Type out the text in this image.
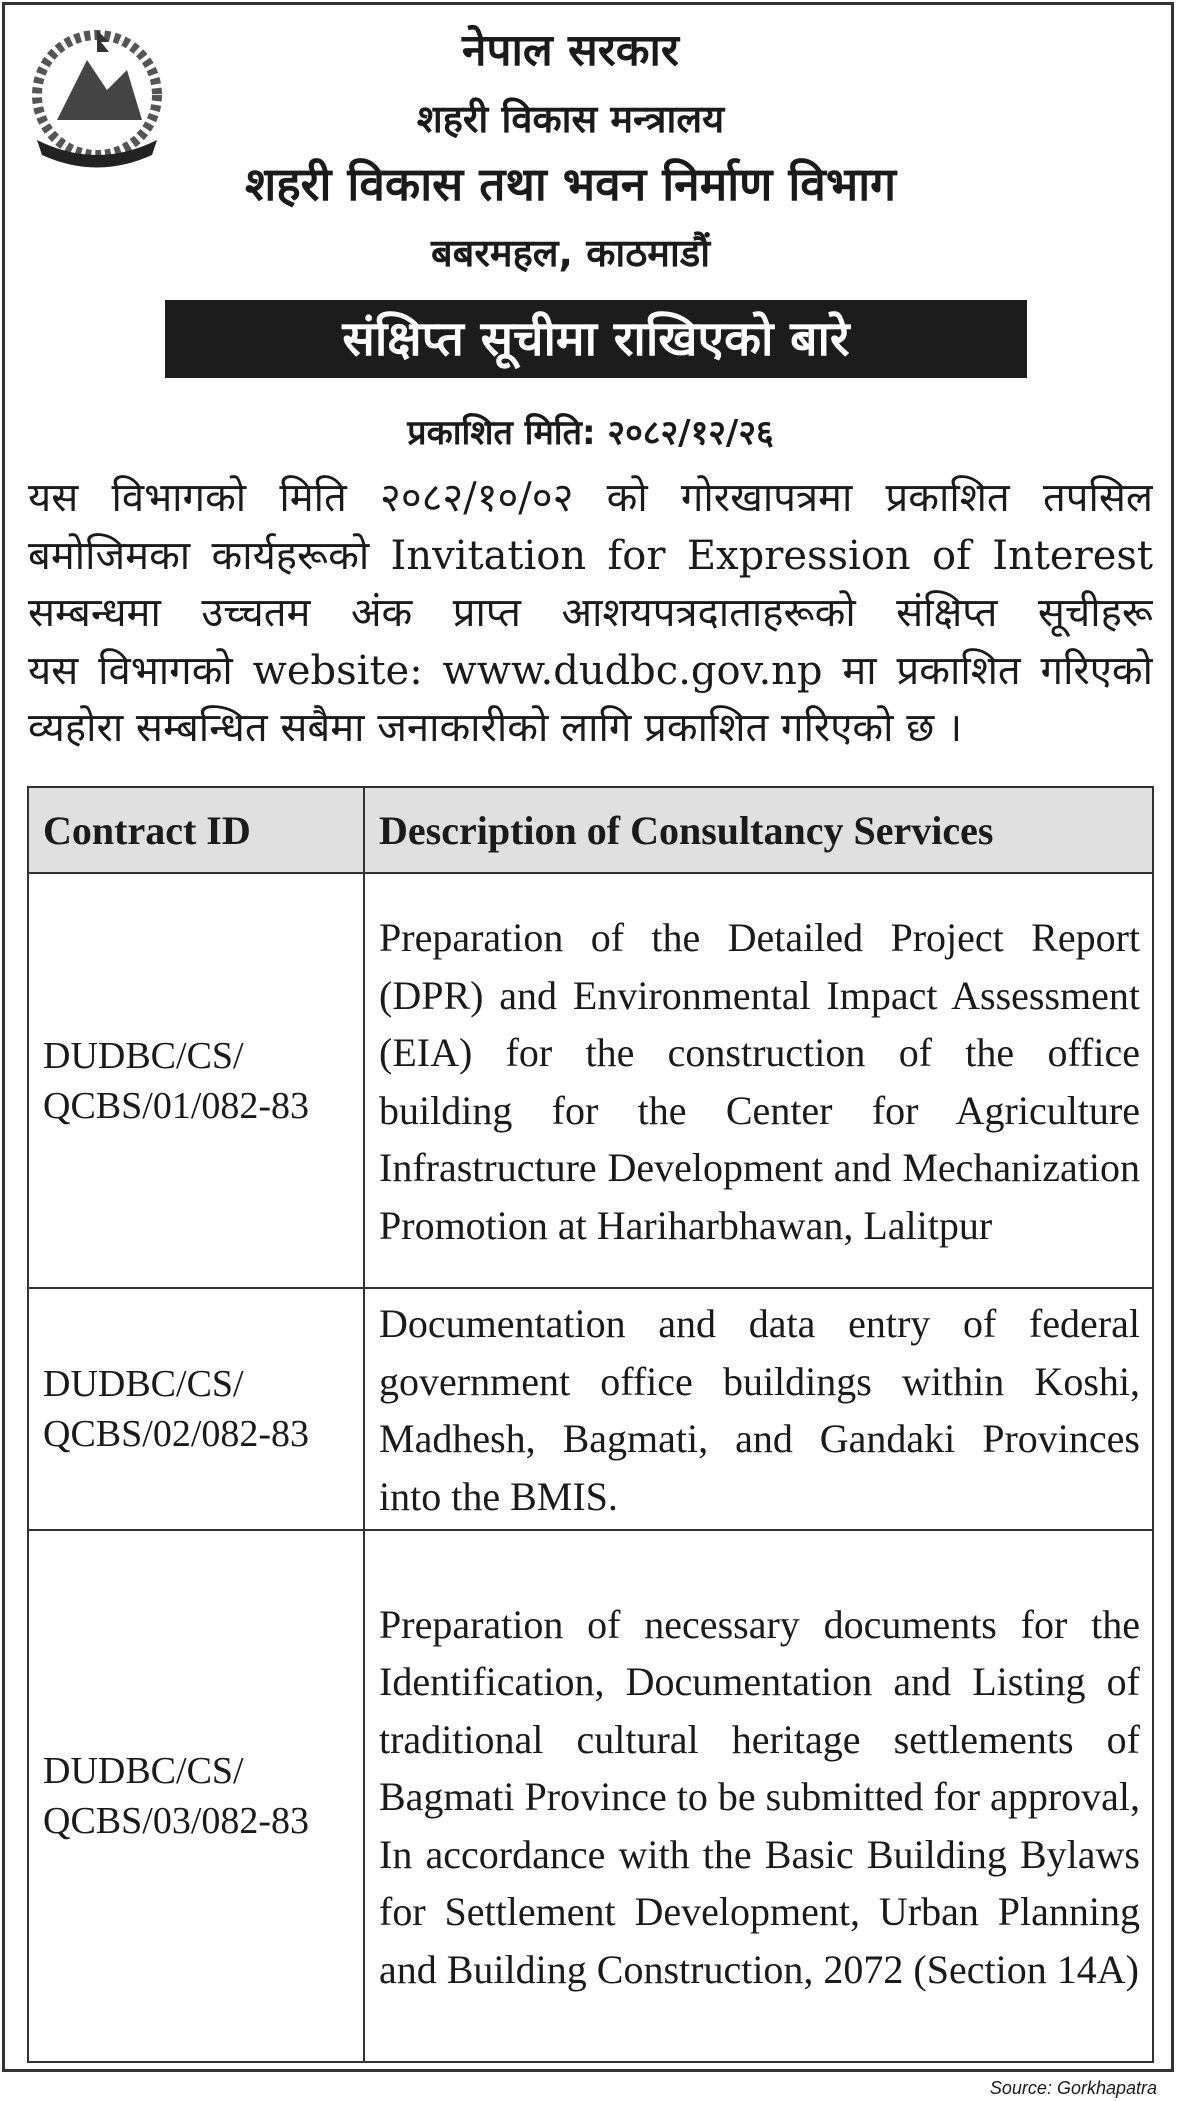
नेपाल सरकार
शहरी विकास मन्त्रालय
शहरी विकास तथा भवन निर्माण विभाग
बबरमहल, काठमाडौं
संक्षिप्त सूचीमा राखिएको बारे
प्रकाशित मिति: २०८२/१२/२६
यस विभागको मिति २०८२/१०/०२ को गोरखापत्रमा प्रकाशित तपसिल
बमोजिमका कार्यहरूको Invitation for Expression of Interest
सम्बन्धमा उच्चतम अंक प्राप्त आशयपत्रदाताहरूको संक्षिप्त सूचीहरू
यस विभागको website: www.dudbc.gov.np मा प्रकाशित गरिएको
व्यहोरा सम्बन्धित सबैमा जनाकारीको लागि प्रकाशित गरिएको छ ।
Contract ID	Description of Consultancy Services
DUDBC/CS/
QCBS/01/082-83	Preparation of the Detailed Project Report (DPR) and Environmental Impact Assessment (EIA) for the construction of the office building for the Center for Agriculture Infrastructure Development and Mechanization Promotion at Hariharbhawan, Lalitpur
DUDBC/CS/
QCBS/02/082-83	Documentation and data entry of federal government office buildings within Koshi, Madhesh, Bagmati, and Gandaki Provinces into the BMIS.
DUDBC/CS/
QCBS/03/082-83	Preparation of necessary documents for the Identification, Documentation and Listing of traditional cultural heritage settlements of Bagmati Province to be submitted for approval, In accordance with the Basic Building Bylaws for Settlement Development, Urban Planning and Building Construction, 2072 (Section 14A)
Source: Gorkhapatra
